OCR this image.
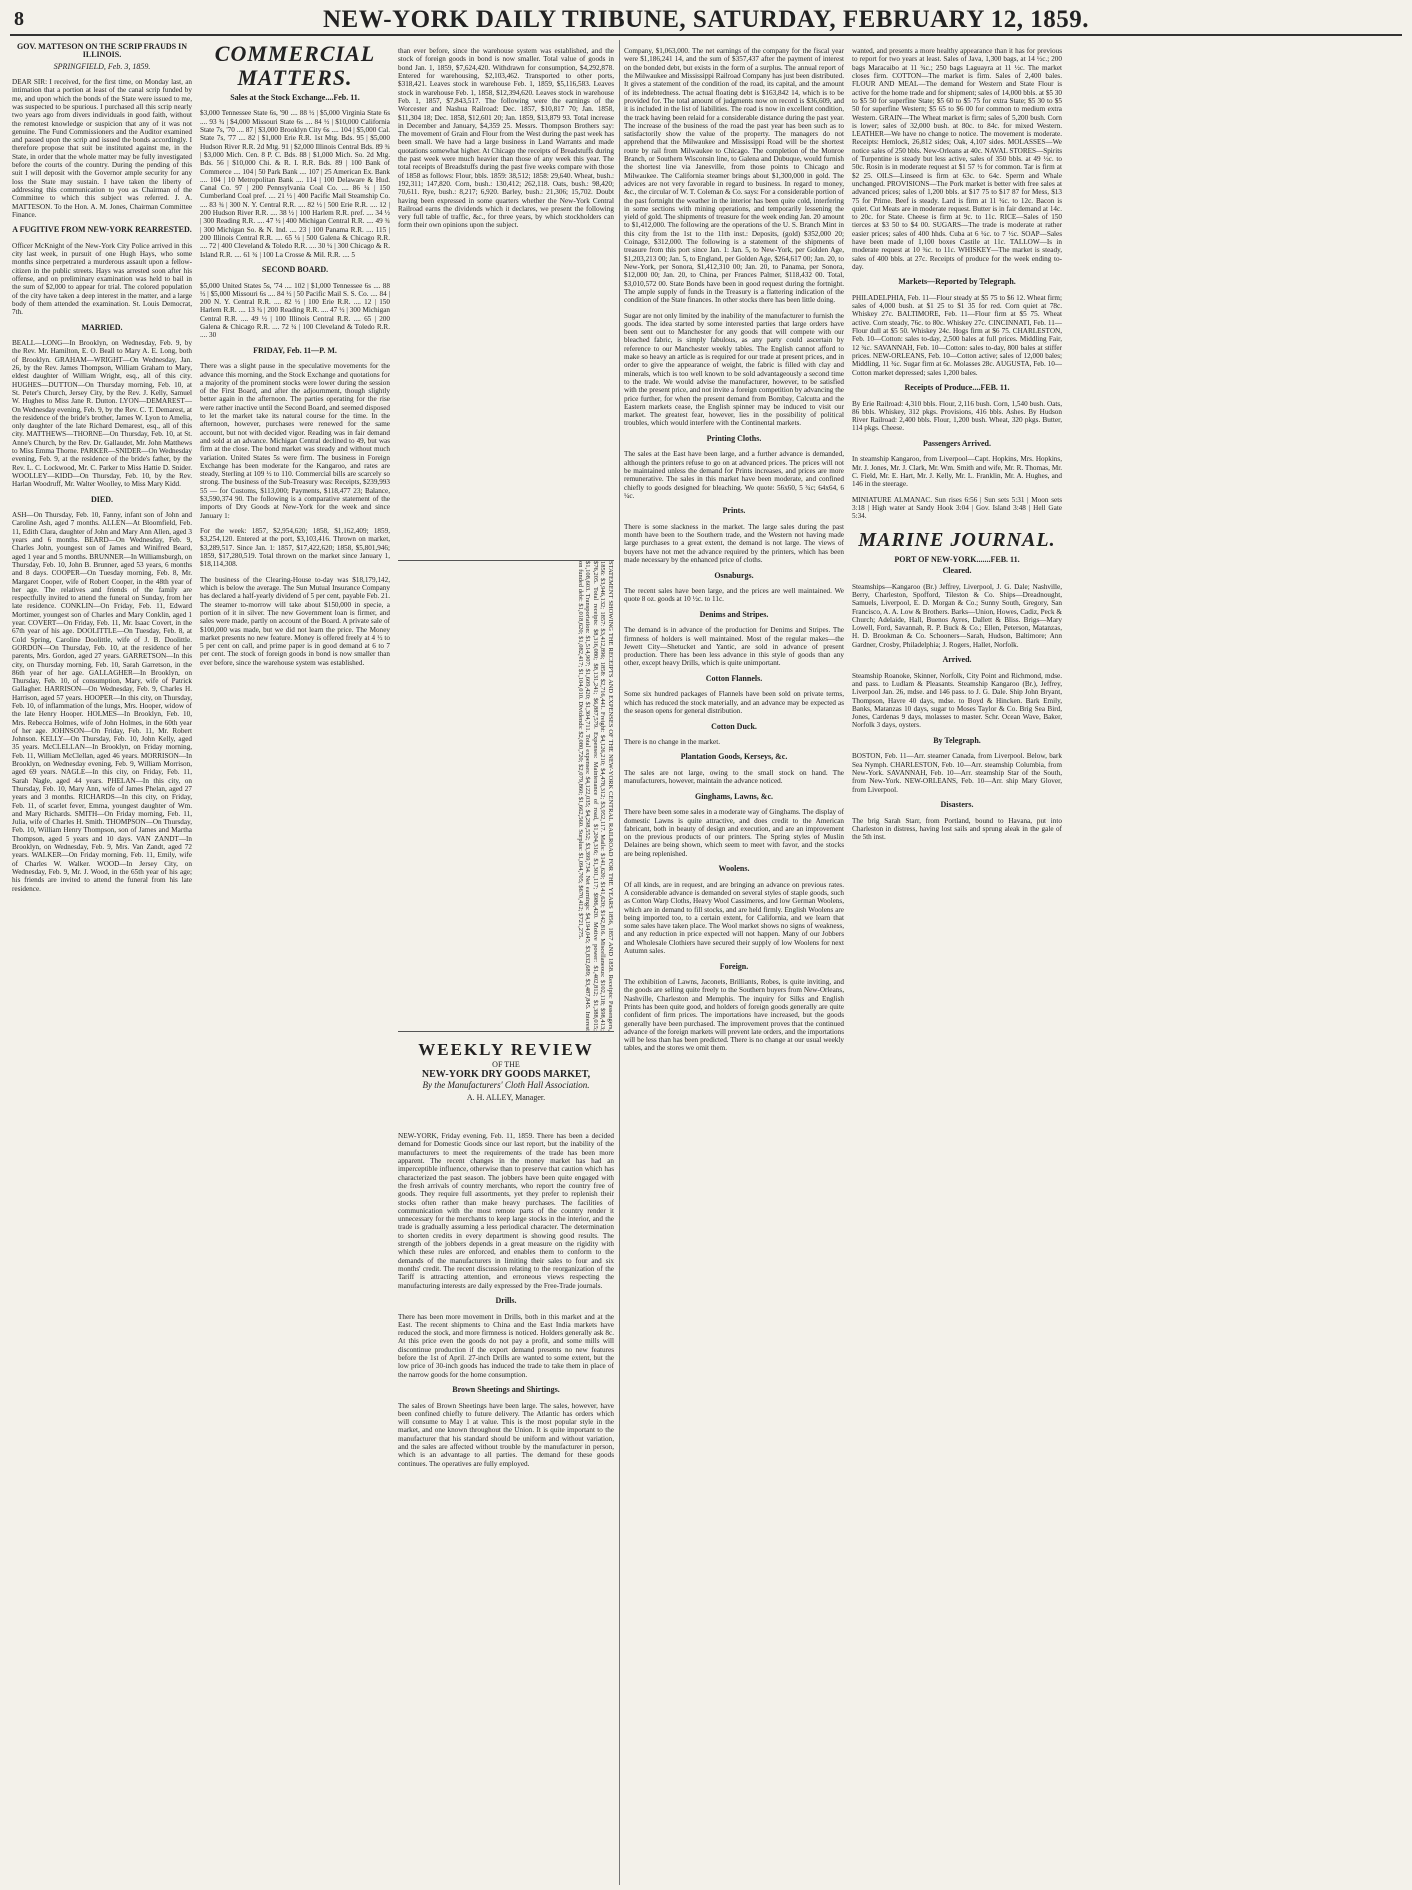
8	NEW-YORK DAILY TRIBUNE, SATURDAY, FEBRUARY 12, 1859.
GOV. MATTESON ON THE SCRIP FRAUDS IN ILLINOIS.
SPRINGFIELD, Feb. 3, 1859.

DEAR SIR: I received, for the first time, on Monday last, an intimation that a portion at least of the canal scrip funded by me, and upon which the bonds of the State were issued to me, was suspected to be spurious. I purchased all this scrip nearly two years ago from divers individuals in good faith, without the remotest knowledge or suspicion that any of it was not genuine. The Fund Commissioners and the Auditor examined and passed upon the scrip and issued the bonds accordingly. I therefore propose that suit be instituted against me, in the State, in order that the whole matter may be fully investigated before the courts of the country. During the pending of this suit I will deposit with the Governor ample security for any loss the State may sustain. I have taken the liberty of addressing this communication to you as Chairman of the Committee to which this subject was referred. J. A. MATTESON. To the Hon. A. M. Jones, Chairman Committee Finance.

A FUGITIVE FROM NEW-YORK REARRESTED.

Officer McKnight of the New-York City Police arrived in this city last week, in pursuit of one Hugh Hays, who some months since perpetrated a murderous assault upon a fellow-citizen in the public streets. Hays was arrested soon after his offense, and on preliminary examination was held to bail in the sum of $2,000 to appear for trial. The colored population of the city have taken a deep interest in the matter, and a large body of them attended the examination. St. Louis Democrat, 7th.

MARRIED.

BEALL—LONG—In Brooklyn, on Wednesday, Feb. 9, by the Rev. Mr. Hamilton, E. O. Beall to Mary A. E. Long, both of Brooklyn. GRAHAM—WRIGHT—On Wednesday, Jan. 26, by the Rev. James Thompson, William Graham to Mary, eldest daughter of William Wright, esq., all of this city. HUGHES—DUTTON—On Thursday morning, Feb. 10, at St. Peter's Church, Jersey City, by the Rev. J. Kelly, Samuel W. Hughes to Miss Jane R. Dutton. LYON—DEMAREST—On Wednesday evening, Feb. 9, by the Rev. C. T. Demarest, at the residence of the bride's brother, James W. Lyon to Amelia, only daughter of the late Richard Demarest, esq., all of this city. MATTHEWS—THORNE—On Thursday, Feb. 10, at St. Anne's Church, by the Rev. Dr. Gallaudet, Mr. John Matthews to Miss Emma Thorne. PARKER—SNIDER—On Wednesday evening, Feb. 9, at the residence of the bride's father, by the Rev. L. C. Lockwood, Mr. C. Parker to Miss Hattie D. Snider. WOOLLEY—KIDD—On Thursday, Feb. 10, by the Rev. Harlan Woodruff, Mr. Walter Woolley, to Miss Mary Kidd.

DIED.

ASH—On Thursday, Feb. 10, Fanny, infant son of John and Caroline Ash, aged 7 months. ALLEN—At Bloomfield, Feb. 11, Edith Clara, daughter of John and Mary Ann Allen, aged 3 years and 6 months. BEARD—On Wednesday, Feb. 9, Charles John, youngest son of James and Winifred Beard, aged 1 year and 5 months. BRUNNER—In Williamsburgh, on Thursday, Feb. 10, John B. Brunner, aged 53 years, 6 months and 8 days. COOPER—On Tuesday morning, Feb. 8, Mr. Margaret Cooper, wife of Robert Cooper, in the 48th year of her age. The relatives and friends of the family are respectfully invited to attend the funeral on Sunday, from her late residence. CONKLIN—On Friday, Feb. 11, Edward Mortimer, youngest son of Charles and Mary Conklin, aged 1 year. COVERT—On Friday, Feb. 11, Mr. Isaac Covert, in the 67th year of his age. DOOLITTLE—On Tuesday, Feb. 8, at Cold Spring, Caroline Doolittle, wife of J. B. Doolittle. GORDON—On Thursday, Feb. 10, at the residence of her parents, Mrs. Gordon, aged 27 years. GARRETSON—In this city, on Thursday morning, Feb. 10, Sarah Garretson, in the 86th year of her age. GALLAGHER—In Brooklyn, on Thursday, Feb. 10, of consumption, Mary, wife of Patrick Gallagher. HARRISON—On Wednesday, Feb. 9, Charles H. Harrison, aged 57 years. HOOPER—In this city, on Thursday, Feb. 10, of inflammation of the lungs, Mrs. Hooper, widow of the late Henry Hooper. HOLMES—In Brooklyn, Feb. 10, Mrs. Rebecca Holmes, wife of John Holmes, in the 60th year of her age. JOHNSON—On Friday, Feb. 11, Mr. Robert Johnson. KELLY—On Thursday, Feb. 10, John Kelly, aged 35 years. McCLELLAN—In Brooklyn, on Friday morning, Feb. 11, William McClellan, aged 46 years. MORRISON—In Brooklyn, on Wednesday evening, Feb. 9, William Morrison, aged 69 years. NAGLE—In this city, on Friday, Feb. 11, Sarah Nagle, aged 44 years. PHELAN—In this city, on Thursday, Feb. 10, Mary Ann, wife of James Phelan, aged 27 years and 3 months. RICHARDS—In this city, on Friday, Feb. 11, of scarlet fever, Emma, youngest daughter of Wm. and Mary Richards. SMITH—On Friday morning, Feb. 11, Julia, wife of Charles H. Smith. THOMPSON—On Thursday, Feb. 10, William Henry Thompson, son of James and Martha Thompson, aged 5 years and 10 days. VAN ZANDT—In Brooklyn, on Wednesday, Feb. 9, Mrs. Van Zandt, aged 72 years. WALKER—On Friday morning, Feb. 11, Emily, wife of Charles W. Walker. WOOD—In Jersey City, on Wednesday, Feb. 9, Mr. J. Wood, in the 65th year of his age; his friends are invited to attend the funeral from his late residence.

COMMERCIAL MATTERS.
Sales at the Stock Exchange....Feb. 11.

$3,000 Tennessee State 6s, '90 .... 88 ½ | $5,000 Virginia State 6s .... 93 ¾ | $4,000 Missouri State 6s .... 84 ½ | $10,000 California State 7s, '70 .... 87 | $3,000 Brooklyn City 6s .... 104 | $5,000 Cal. State 7s, '77 .... 82 | $1,000 Erie R.R. 1st Mtg. Bds. 95 | $5,000 Hudson River R.R. 2d Mtg. 91 | $2,000 Illinois Central Bds. 89 ¾ | $3,000 Mich. Cen. 8 P. C. Bds. 88 | $1,000 Mich. So. 2d Mtg. Bds. 56 | $10,000 Chi. & R. I. R.R. Bds. 89 | 100 Bank of Commerce .... 104 | 50 Park Bank .... 107 | 25 American Ex. Bank .... 104 | 10 Metropolitan Bank .... 114 | 100 Delaware & Hud. Canal Co. 97 | 200 Pennsylvania Coal Co. .... 86 ¼ | 150 Cumberland Coal pref. .... 21 ½ | 400 Pacific Mail Steamship Co. .... 83 ¾ | 300 N. Y. Central R.R. .... 82 ½ | 500 Erie R.R. .... 12 | 200 Hudson River R.R. .... 38 ½ | 100 Harlem R.R. pref. .... 34 ½ | 300 Reading R.R. .... 47 ½ | 400 Michigan Central R.R. .... 49 ¾ | 300 Michigan So. & N. Ind. .... 23 | 100 Panama R.R. .... 115 | 200 Illinois Central R.R. .... 65 ¼ | 500 Galena & Chicago R.R. .... 72 | 400 Cleveland & Toledo R.R. .... 30 ¼ | 300 Chicago & R. Island R.R. .... 61 ¾ | 100 La Crosse & Mil. R.R. .... 5

SECOND BOARD.

$5,000 United States 5s, '74 .... 102 | $1,000 Tennessee 6s .... 88 ½ | $5,000 Missouri 6s .... 84 ½ | 50 Pacific Mail S. S. Co. .... 84 | 200 N. Y. Central R.R. .... 82 ½ | 100 Erie R.R. .... 12 | 150 Harlem R.R. .... 13 ¾ | 200 Reading R.R. .... 47 ½ | 300 Michigan Central R.R. .... 49 ½ | 100 Illinois Central R.R. .... 65 | 200 Galena & Chicago R.R. .... 72 ¼ | 100 Cleveland & Toledo R.R. .... 30

FRIDAY, Feb. 11—P. M.

There was a slight pause in the speculative movements for the advance this morning, and the Stock Exchange and quotations for a majority of the prominent stocks were lower during the session of the First Board, and after the adjournment, though slightly better again in the afternoon. The parties operating for the rise were rather inactive until the Second Board, and seemed disposed to let the market take its natural course for the time. In the afternoon, however, purchases were renewed for the same account, but not with decided vigor. Reading was in fair demand and sold at an advance. Michigan Central declined to 49, but was firm at the close. The bond market was steady and without much variation. United States 5s were firm. The business in Foreign Exchange has been moderate for the Kangaroo, and rates are steady, Sterling at 109 ½ to 110. Commercial bills are scarcely so strong. The business of the Sub-Treasury was: Receipts, $239,993 55 — for Customs, $113,000; Payments, $118,477 23; Balance, $3,590,374 90. The following is a comparative statement of the imports of Dry Goods at New-York for the week and since January 1:

For the week: 1857, $2,954,620; 1858, $1,162,409; 1859, $3,254,120. Entered at the port, $3,103,416. Thrown on market, $3,289,517. Since Jan. 1: 1857, $17,422,620; 1858, $5,801,946; 1859, $17,280,519. Total thrown on the market since January 1, $18,114,308.

The business of the Clearing-House to-day was $18,179,142, which is below the average. The Sun Mutual Insurance Company has declared a half-yearly dividend of 5 per cent, payable Feb. 21. The steamer to-morrow will take about $150,000 in specie, a portion of it in silver. The new Government loan is firmer, and sales were made, partly on account of the Board. A private sale of $100,000 was made, but we did not learn the price. The Money market presents no new feature. Money is offered freely at 4 ½ to 5 per cent on call, and prime paper is in good demand at 6 to 7 per cent. The stock of foreign goods in bond is now smaller than ever before, since the warehouse system was established.

than ever before, since the warehouse system was established, and the stock of foreign goods in bond is now smaller. Total value of goods in bond Jan. 1, 1859, $7,624,420. Withdrawn for consumption, $4,292,878. Entered for warehousing, $2,103,462. Transported to other ports, $318,421. Leaves stock in warehouse Feb. 1, 1859, $5,116,583. Leaves stock in warehouse Feb. 1, 1858, $12,394,620. Leaves stock in warehouse Feb. 1, 1857, $7,843,517. The following were the earnings of the Worcester and Nashua Railroad: Dec. 1857, $10,817 70; Jan. 1858, $11,304 18; Dec. 1858, $12,601 20; Jan. 1859, $13,879 93. Total increase in December and January, $4,359 25. Messrs. Thompson Brothers say: The movement of Grain and Flour from the West during the past week has been small. We have had a large business in Land Warrants and made quotations somewhat higher. At Chicago the receipts of Breadstuffs during the past week were much heavier than those of any week this year. The total receipts of Breadstuffs during the past five weeks compare with those of 1858 as follows: Flour, bbls. 1859: 38,512; 1858: 29,640. Wheat, bush.: 192,311; 147,820. Corn, bush.: 130,412; 262,118. Oats, bush.: 98,420; 70,611. Rye, bush.: 8,217; 6,920. Barley, bush.: 21,306; 15,702. Doubt having been expressed in some quarters whether the New-York Central Railroad earns the dividends which it declares, we present the following very full table of traffic, &c., for three years, by which stockholders can form their own opinions upon the subject.

STATEMENT SHOWING THE RECEIPTS AND EXPENSES OF THE NEW-YORK CENTRAL RAILROAD FOR THE YEARS 1856, 1857 AND 1858. Receipts: Passengers, 1856: $3,946,132; 1857: $3,412,896; 1858: $2,716,441. Freight: $4,126,210; $4,478,312; $3,952,117. Mails: $141,620; $141,620; $142,816. Miscellaneous: $102,118; $98,413; $76,205. Total receipts: $8,316,080; $8,131,241; $6,887,579. Expenses: Maintenance of road, $1,204,316; $1,301,117; $986,420. Motive power: $1,402,812; $1,388,015; $1,108,603. Transportation: $1,514,907; $1,609,420; $1,304,711. Total expenses: $4,122,035; $4,298,552; $3,399,734. Net earnings: $4,194,045; $3,832,689; $3,487,845. Interest on funded debt: $1,018,620; $1,082,417; $1,104,010. Dividends: $2,080,720; $2,079,860; $1,662,560. Surplus: $1,094,705; $670,412; $721,275.
WEEKLY REVIEW
OF THE
NEW-YORK DRY GOODS MARKET,
By the Manufacturers' Cloth Hall Association.
A. H. ALLEY, Manager.

NEW-YORK, Friday evening, Feb. 11, 1859. There has been a decided demand for Domestic Goods since our last report, but the inability of the manufacturers to meet the requirements of the trade has been more apparent. The recent changes in the money market has had an imperceptible influence, otherwise than to preserve that caution which has characterized the past season. The jobbers have been quite engaged with the fresh arrivals of country merchants, who report the country free of goods. They require full assortments, yet they prefer to replenish their stocks often rather than make heavy purchases. The facilities of communication with the most remote parts of the country render it unnecessary for the merchants to keep large stocks in the interior, and the trade is gradually assuming a less periodical character. The determination to shorten credits in every department is showing good results. The strength of the jobbers depends in a great measure on the rigidity with which these rules are enforced, and enables them to conform to the demands of the manufacturers in limiting their sales to four and six months' credit. The recent discussion relating to the reorganization of the Tariff is attracting attention, and erroneous views respecting the manufacturing interests are daily expressed by the Free-Trade journals.

Drills.

There has been more movement in Drills, both in this market and at the East. The recent shipments to China and the East India markets have reduced the stock, and more firmness is noticed. Holders generally ask 8c. At this price even the goods do not pay a profit, and some mills will discontinue production if the export demand presents no new features before the 1st of April. 27-inch Drills are wanted to some extent, but the low price of 30-inch goods has induced the trade to take them in place of the narrow goods for the home consumption.

Brown Sheetings and Shirtings.

The sales of Brown Sheetings have been large. The sales, however, have been confined chiefly to future delivery. The Atlantic has orders which will consume to May 1 at value. This is the most popular style in the market, and one known throughout the Union. It is quite important to the manufacturer that his standard should be uniform and without variation, and the sales are affected without trouble by the manufacturer in person, which is an advantage to all parties. The demand for these goods continues. The operatives are fully employed.

Company, $1,063,000. The net earnings of the company for the fiscal year were $1,186,241 14, and the sum of $357,437 after the payment of interest on the bonded debt, but exists in the form of a surplus. The annual report of the Milwaukee and Mississippi Railroad Company has just been distributed. It gives a statement of the condition of the road, its capital, and the amount of its indebtedness. The actual floating debt is $163,842 14, which is to be provided for. The total amount of judgments now on record is $36,609, and it is included in the list of liabilities. The road is now in excellent condition, the track having been relaid for a considerable distance during the past year. The increase of the business of the road the past year has been such as to satisfactorily show the value of the property. The managers do not apprehend that the Milwaukee and Mississippi Road will be the shortest route by rail from Milwaukee to Chicago. The completion of the Monroe Branch, or Southern Wisconsin line, to Galena and Dubuque, would furnish the shortest line via Janesville, from those points to Chicago and Milwaukee. The California steamer brings about $1,300,000 in gold. The advices are not very favorable in regard to business. In regard to money, &c., the circular of W. T. Coleman & Co. says: For a considerable portion of the past fortnight the weather in the interior has been quite cold, interfering in some sections with mining operations, and temporarily lessening the yield of gold. The shipments of treasure for the week ending Jan. 20 amount to $1,412,000. The following are the operations of the U. S. Branch Mint in this city from the 1st to the 11th inst.: Deposits, (gold) $352,000 20; Coinage, $312,000. The following is a statement of the shipments of treasure from this port since Jan. 1: Jan. 5, to New-York, per Golden Age, $1,203,213 00; Jan. 5, to England, per Golden Age, $264,617 00; Jan. 20, to New-York, per Sonora, $1,412,310 00; Jan. 20, to Panama, per Sonora, $12,000 00; Jan. 20, to China, per Frances Palmer, $118,432 00. Total, $3,010,572 00. State Bonds have been in good request during the fortnight. The ample supply of funds in the Treasury is a flattering indication of the condition of the State finances. In other stocks there has been little doing.

Sugar are not only limited by the inability of the manufacturer to furnish the goods. The idea started by some interested parties that large orders have been sent out to Manchester for any goods that will compete with our bleached fabric, is simply fabulous, as any party could ascertain by reference to our Manchester weekly tables. The English cannot afford to make so heavy an article as is required for our trade at present prices, and in order to give the appearance of weight, the fabric is filled with clay and minerals, which is too well known to be sold advantageously a second time to the trade. We would advise the manufacturer, however, to be satisfied with the present price, and not invite a foreign competition by advancing the price further, for when the present demand from Bombay, Calcutta and the Eastern markets cease, the English spinner may be induced to visit our market. The greatest fear, however, lies in the possibility of political troubles, which would interfere with the Continental markets.

Printing Cloths.

The sales at the East have been large, and a further advance is demanded, although the printers refuse to go on at advanced prices. The prices will not be maintained unless the demand for Prints increases, and prices are more remunerative. The sales in this market have been moderate, and confined chiefly to goods designed for bleaching. We quote: 56x60, 5 ¾c; 64x64, 6 ¼c.

Prints.

There is some slackness in the market. The large sales during the past month have been to the Southern trade, and the Western not having made large purchases to a great extent, the demand is not large. The views of buyers have not met the advance required by the printers, which has been made necessary by the enhanced price of cloths.

Osnaburgs.

The recent sales have been large, and the prices are well maintained. We quote 8 oz. goods at 10 ½c. to 11c.

Denims and Stripes.

The demand is in advance of the production for Denims and Stripes. The firmness of holders is well maintained. Most of the regular makes—the Jewett City—Shetucket and Yantic, are sold in advance of present production. There has been less advance in this style of goods than any other, except heavy Drills, which is quite unimportant.

Cotton Flannels.

Some six hundred packages of Flannels have been sold on private terms, which has reduced the stock materially, and an advance may be expected as the season opens for general distribution.

Cotton Duck.

There is no change in the market.

Plantation Goods, Kerseys, &c.

The sales are not large, owing to the small stock on hand. The manufacturers, however, maintain the advance noticed.

Ginghams, Lawns, &c.

There have been some sales in a moderate way of Ginghams. The display of domestic Lawns is quite attractive, and does credit to the American fabricant, both in beauty of design and execution, and are an improvement on the previous products of our printers. The Spring styles of Muslin Delaines are being shown, which seem to meet with favor, and the stocks are being replenished.

Woolens.

Of all kinds, are in request, and are bringing an advance on previous rates. A considerable advance is demanded on several styles of staple goods, such as Cotton Warp Cloths, Heavy Wool Cassimeres, and low German Woolens, which are in demand to fill stocks, and are held firmly. English Woolens are being imported too, to a certain extent, for California, and we learn that some sales have taken place. The Wool market shows no signs of weakness, and any reduction in price expected will not happen. Many of our Jobbers and Wholesale Clothiers have secured their supply of low Woolens for next Autumn sales.

Foreign.

The exhibition of Lawns, Jaconets, Brilliants, Robes, is quite inviting, and the goods are selling quite freely to the Southern buyers from New-Orleans, Nashville, Charleston and Memphis. The inquiry for Silks and English Prints has been quite good, and holders of foreign goods generally are quite confident of firm prices. The importations have increased, but the goods generally have been purchased. The improvement proves that the continued advance of the foreign markets will prevent late orders, and the importations will be less than has been predicted. There is no change at our usual weekly tables, and the stores we omit them.

wanted, and presents a more healthy appearance than it has for previous to report for two years at least. Sales of Java, 1,300 bags, at 14 ½c.; 200 bags Maracaibo at 11 ¾c.; 250 bags Laguayra at 11 ½c. The market closes firm. COTTON—The market is firm. Sales of 2,400 bales. FLOUR AND MEAL—The demand for Western and State Flour is active for the home trade and for shipment; sales of 14,000 bbls. at $5 30 to $5 50 for superfine State; $5 60 to $5 75 for extra State; $5 30 to $5 50 for superfine Western; $5 65 to $6 00 for common to medium extra Western. GRAIN—The Wheat market is firm; sales of 5,200 bush. Corn is lower; sales of 32,000 bush. at 80c. to 84c. for mixed Western. LEATHER—We have no change to notice. The movement is moderate. Receipts: Hemlock, 26,812 sides; Oak, 4,107 sides. MOLASSES—We notice sales of 250 bbls. New-Orleans at 40c. NAVAL STORES—Spirits of Turpentine is steady but less active, sales of 350 bbls. at 49 ½c. to 50c. Rosin is in moderate request at $1 57 ½ for common. Tar is firm at $2 25. OILS—Linseed is firm at 63c. to 64c. Sperm and Whale unchanged. PROVISIONS—The Pork market is better with free sales at advanced prices; sales of 1,200 bbls. at $17 75 to $17 87 for Mess, $13 75 for Prime. Beef is steady. Lard is firm at 11 ¾c. to 12c. Bacon is quiet. Cut Meats are in moderate request. Butter is in fair demand at 14c. to 20c. for State. Cheese is firm at 9c. to 11c. RICE—Sales of 150 tierces at $3 50 to $4 00. SUGARS—The trade is moderate at rather easier prices; sales of 400 hhds. Cuba at 6 ¼c. to 7 ½c. SOAP—Sales have been made of 1,100 boxes Castile at 11c. TALLOW—Is in moderate request at 10 ¾c. to 11c. WHISKEY—The market is steady, sales of 400 bbls. at 27c. Receipts of produce for the week ending to-day.

Markets—Reported by Telegraph.

PHILADELPHIA, Feb. 11—Flour steady at $5 75 to $6 12. Wheat firm; sales of 4,000 bush. at $1 25 to $1 35 for red. Corn quiet at 78c. Whiskey 27c. BALTIMORE, Feb. 11—Flour firm at $5 75. Wheat active. Corn steady, 76c. to 80c. Whiskey 27c. CINCINNATI, Feb. 11—Flour dull at $5 50. Whiskey 24c. Hogs firm at $6 75. CHARLESTON, Feb. 10—Cotton: sales to-day, 2,500 bales at full prices. Middling Fair, 12 ¾c. SAVANNAH, Feb. 10—Cotton: sales to-day, 800 bales at stiffer prices. NEW-ORLEANS, Feb. 10—Cotton active; sales of 12,000 bales; Middling, 11 ¾c. Sugar firm at 6c. Molasses 28c. AUGUSTA, Feb. 10—Cotton market depressed; sales 1,200 bales.

Receipts of Produce....FEB. 11.

By Erie Railroad: 4,310 bbls. Flour, 2,116 bush. Corn, 1,540 bush. Oats, 86 bbls. Whiskey, 312 pkgs. Provisions, 416 bbls. Ashes. By Hudson River Railroad: 2,400 bbls. Flour, 1,200 bush. Wheat, 320 pkgs. Butter, 114 pkgs. Cheese.

Passengers Arrived.

In steamship Kangaroo, from Liverpool—Capt. Hopkins, Mrs. Hopkins, Mr. J. Jones, Mr. J. Clark, Mr. Wm. Smith and wife, Mr. R. Thomas, Mr. C. Field, Mr. E. Hart, Mr. J. Kelly, Mr. L. Franklin, Mr. A. Hughes, and 146 in the steerage.

MINIATURE ALMANAC. Sun rises 6:56 | Sun sets 5:31 | Moon sets 3:18 | High water at Sandy Hook 3:04 | Gov. Island 3:48 | Hell Gate 5:34.

MARINE JOURNAL.
PORT OF NEW-YORK.......FEB. 11.
Cleared.

Steamships—Kangaroo (Br.) Jeffrey, Liverpool, J. G. Dale; Nashville, Berry, Charleston, Spofford, Tileston & Co. Ships—Dreadnought, Samuels, Liverpool, E. D. Morgan & Co.; Sunny South, Gregory, San Francisco, A. A. Low & Brothers. Barks—Union, Howes, Cadiz, Peck & Church; Adelaide, Hall, Buenos Ayres, Dallett & Bliss. Brigs—Mary Lowell, Ford, Savannah, R. P. Buck & Co.; Ellen, Peterson, Matanzas, H. D. Brookman & Co. Schooners—Sarah, Hudson, Baltimore; Ann Gardner, Crosby, Philadelphia; J. Rogers, Hallet, Norfolk.

Arrived.

Steamship Roanoke, Skinner, Norfolk, City Point and Richmond, mdse. and pass. to Ludlam & Pleasants. Steamship Kangaroo (Br.), Jeffrey, Liverpool Jan. 26, mdse. and 146 pass. to J. G. Dale. Ship John Bryant, Thompson, Havre 40 days, mdse. to Boyd & Hincken. Bark Emily, Banks, Matanzas 10 days, sugar to Moses Taylor & Co. Brig Sea Bird, Jones, Cardenas 9 days, molasses to master. Schr. Ocean Wave, Baker, Norfolk 3 days, oysters.

By Telegraph.

BOSTON, Feb. 11—Arr. steamer Canada, from Liverpool. Below, bark Sea Nymph. CHARLESTON, Feb. 10—Arr. steamship Columbia, from New-York. SAVANNAH, Feb. 10—Arr. steamship Star of the South, from New-York. NEW-ORLEANS, Feb. 10—Arr. ship Mary Glover, from Liverpool.

Disasters.

The brig Sarah Starr, from Portland, bound to Havana, put into Charleston in distress, having lost sails and sprung aleak in the gale of the 5th inst.
